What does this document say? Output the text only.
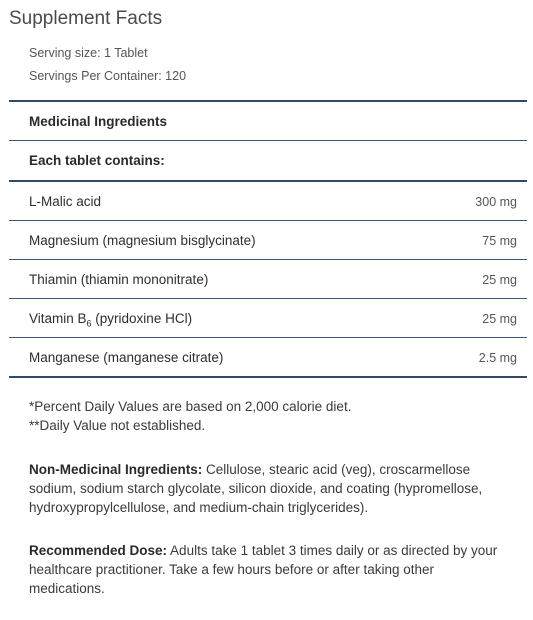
Supplement Facts
Serving size: 1 Tablet
Servings Per Container: 120
Medicinal Ingredients
Each tablet contains:
L-Malic acid	300 mg
Magnesium (magnesium bisglycinate)	75 mg
Thiamin (thiamin mononitrate)	25 mg
Vitamin $B_6$ (pyridoxine HCl)	25 mg
Manganese (manganese citrate)	2.5 mg
*Percent Daily Values are based on 2,000 calorie diet.
**Daily Value not established.
Non-Medicinal Ingredients: Cellulose, stearic acid (veg), croscarmellose sodium, sodium starch glycolate, silicon dioxide, and coating (hypromellose, hydroxypropylcellulose, and medium-chain triglycerides).
Recommended Dose: Adults take 1 tablet 3 times daily or as directed by your healthcare practitioner. Take a few hours before or after taking other medications.
